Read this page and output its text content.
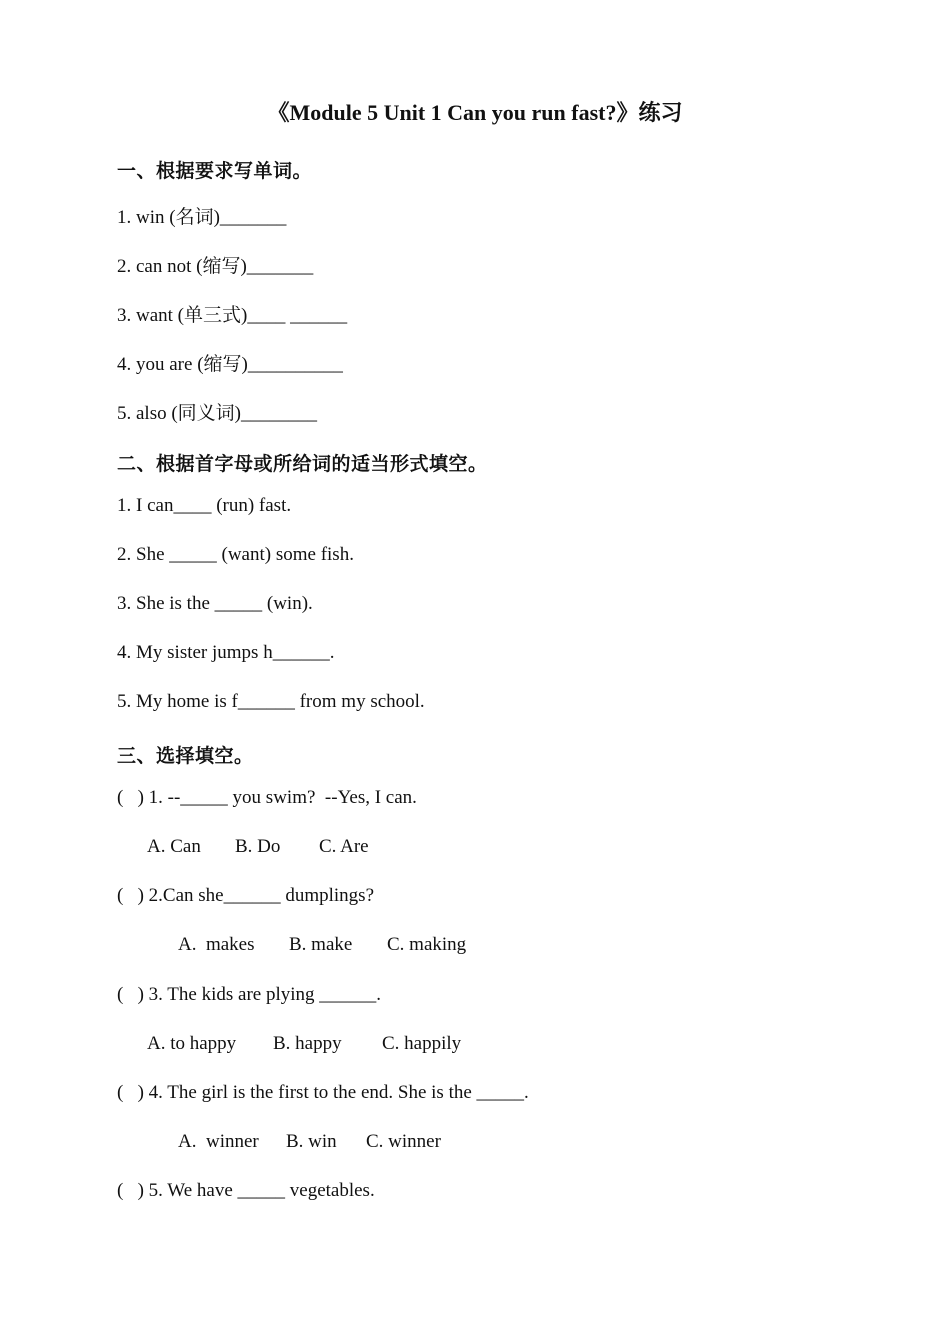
《Module 5 Unit 1 Can you run fast?》练习
一、根据要求写单词。
1. win (名词)_______
2. can not (缩写)_______
3. want (单三式)____ ______
4. you are (缩写)__________
5. also (同义词)________
二、根据首字母或所给词的适当形式填空。
1. I can____ (run) fast.
2. She _____ (want) some fish.
3. She is the _____ (win).
4. My sister jumps h______.
5. My home is f______ from my school.
三、选择填空。
(   ) 1. --_____ you swim?  --Yes, I can.
A. Can B. Do C. Are
(   ) 2.Can she______ dumplings?
A.  makes B. make C. making
(   ) 3. The kids are plying ______.
A. to happy B. happy C. happily
(   ) 4. The girl is the first to the end. She is the _____.
A.  winner B. win C. winner
(   ) 5. We have _____ vegetables.
